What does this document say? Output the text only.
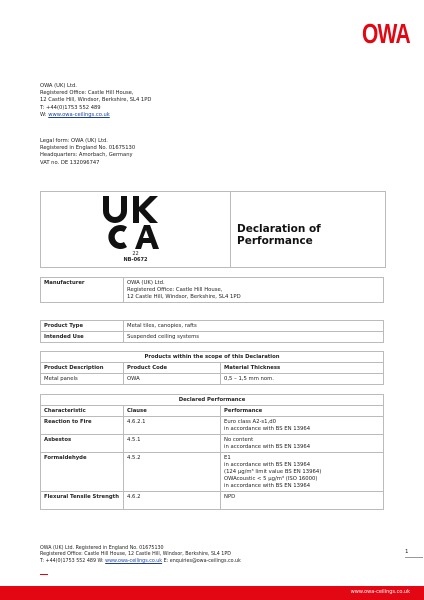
OWA
OWA (UK) Ltd.
Registered Office: Castle Hill House,
12 Castle Hill, Windsor, Berkshire, SL4 1PD
T: +44(0)1753 552 489
W: www.owa-ceilings.co.uk
Legal form: OWA (UK) Ltd.
Registered in England No. 01675130
Headquarters: Amorbach, Germany
VAT no. DE 132096747
22
NB-0672
Declaration of Performance
Manufacturer	OWA (UK) Ltd.
Registered Office: Castle Hill House,
12 Castle Hill, Windsor, Berkshire, SL4 1PD
Product Type	Metal tiles, canopies, rafts
Intended Use	Suspended ceiling systems
Products within the scope of this Declaration		
Product Description	Product Code	Material Thickness
Metal panels	OWA	0,5 – 1,5 mm nom.
Declared Performance		
Characteristic	Clause	Performance
Reaction to Fire	4.6.2.1	Euro class A2-s1,d0
in accordance with BS EN 13964

Asbestos	4.5.1	No content
in accordance with BS EN 13964

Formaldehyde	4.5.2	E1
in accordance with BS EN 13964
(124 µg/m³ limit value BS EN 13964)
OWAcoustic < 5 µg/m³ (ISO 16000)
in accordance with BS EN 13964

Flexural Tensile Strength	4.6.2	NPD
OWA (UK) Ltd. Registered in England No. 01675130
Registered Office: Castle Hill House, 12 Castle Hill, Windsor, Berkshire, SL4 1PD
T: +44(0)1753 552 489 W: www.owa-ceilings.co.uk E: enquiries@owa-ceilings.co.uk
1
www.owa-ceilings.co.uk
